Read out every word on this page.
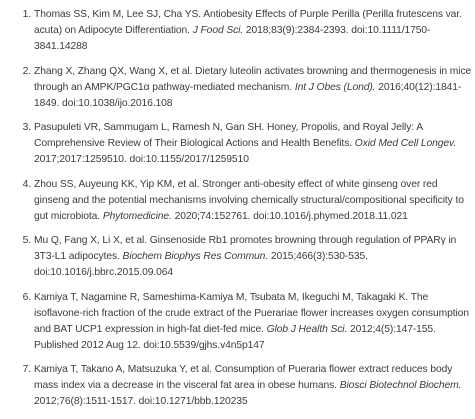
1. Thomas SS, Kim M, Lee SJ, Cha YS. Antiobesity Effects of Purple Perilla (Perilla frutescens var. acuta) on Adipocyte Differentiation. J Food Sci. 2018;83(9):2384-2393. doi:10.1111/1750-3841.14288
2. Zhang X, Zhang QX, Wang X, et al. Dietary luteolin activates browning and thermogenesis in mice through an AMPK/PGC1α pathway-mediated mechanism. Int J Obes (Lond). 2016;40(12):1841-1849. doi:10.1038/ijo.2016.108
3. Pasupuleti VR, Sammugam L, Ramesh N, Gan SH. Honey, Propolis, and Royal Jelly: A Comprehensive Review of Their Biological Actions and Health Benefits. Oxid Med Cell Longev. 2017;2017:1259510. doi:10.1155/2017/1259510
4. Zhou SS, Auyeung KK, Yip KM, et al. Stronger anti-obesity effect of white ginseng over red ginseng and the potential mechanisms involving chemically structural/compositional specificity to gut microbiota. Phytomedicine. 2020;74:152761. doi:10.1016/j.phymed.2018.11.021
5. Mu Q, Fang X, Li X, et al. Ginsenoside Rb1 promotes browning through regulation of PPARγ in 3T3-L1 adipocytes. Biochem Biophys Res Commun. 2015;466(3):530-535. doi:10.1016/j.bbrc.2015.09.064
6. Kamiya T, Nagamine R, Sameshima-Kamiya M, Tsubata M, Ikeguchi M, Takagaki K. The isoflavone-rich fraction of the crude extract of the Puerariae flower increases oxygen consumption and BAT UCP1 expression in high-fat diet-fed mice. Glob J Health Sci. 2012;4(5):147-155. Published 2012 Aug 12. doi:10.5539/gjhs.v4n5p147
7. Kamiya T, Takano A, Matsuzuka Y, et al. Consumption of Pueraria flower extract reduces body mass index via a decrease in the visceral fat area in obese humans. Biosci Biotechnol Biochem. 2012;76(8):1511-1517. doi:10.1271/bbb.120235
